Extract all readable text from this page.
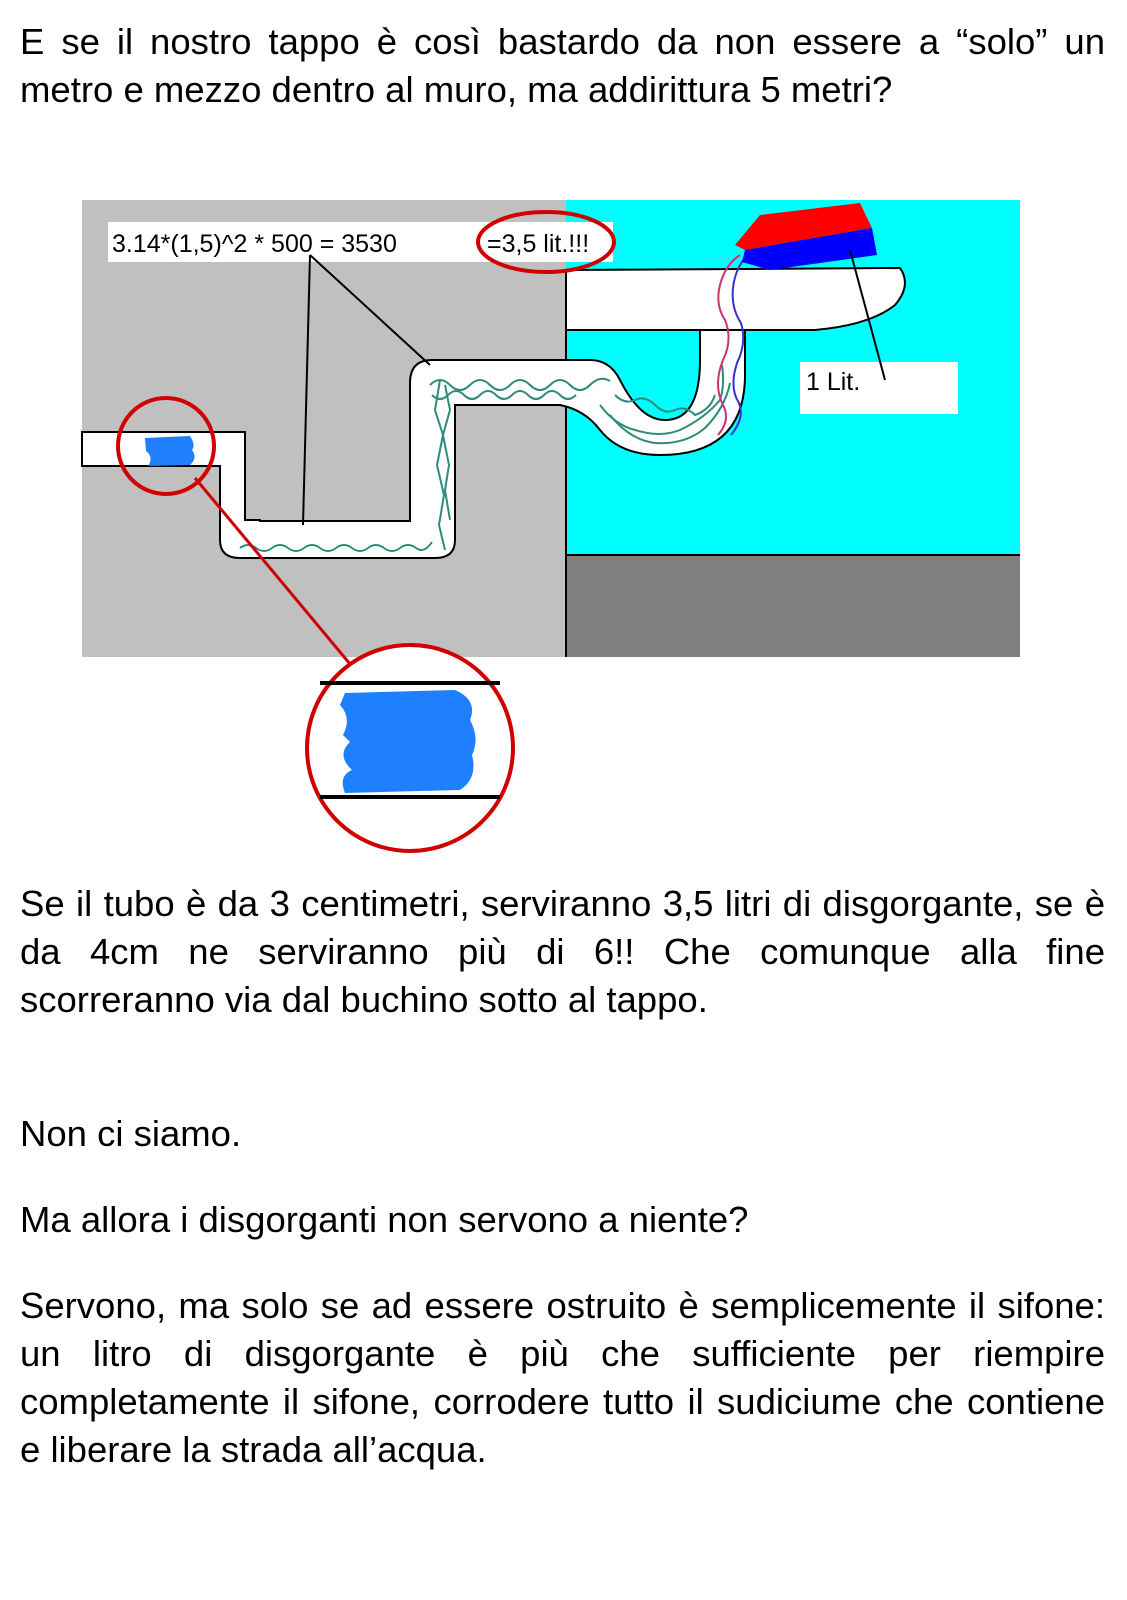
E se il nostro tappo è così bastardo da non essere a “solo” un metro e mezzo dentro al muro, ma addirittura 5 metri?

3.14*(1,5)^2 * 500 = 3530	=3,5 lit.!!!
1 Lit.

Se il tubo è da 3 centimetri, serviranno 3,5 litri di disgorgante, se è da 4cm ne serviranno più di 6!! Che comunque alla fine scorreranno via dal buchino sotto al tappo.

Non ci siamo.

Ma allora i disgorganti non servono a niente?

Servono, ma solo se ad essere ostruito è semplicemente il sifone: un litro di disgorgante è più che sufficiente per riempire completamente il sifone, corrodere tutto il sudiciume che contiene e liberare la strada all’acqua.
